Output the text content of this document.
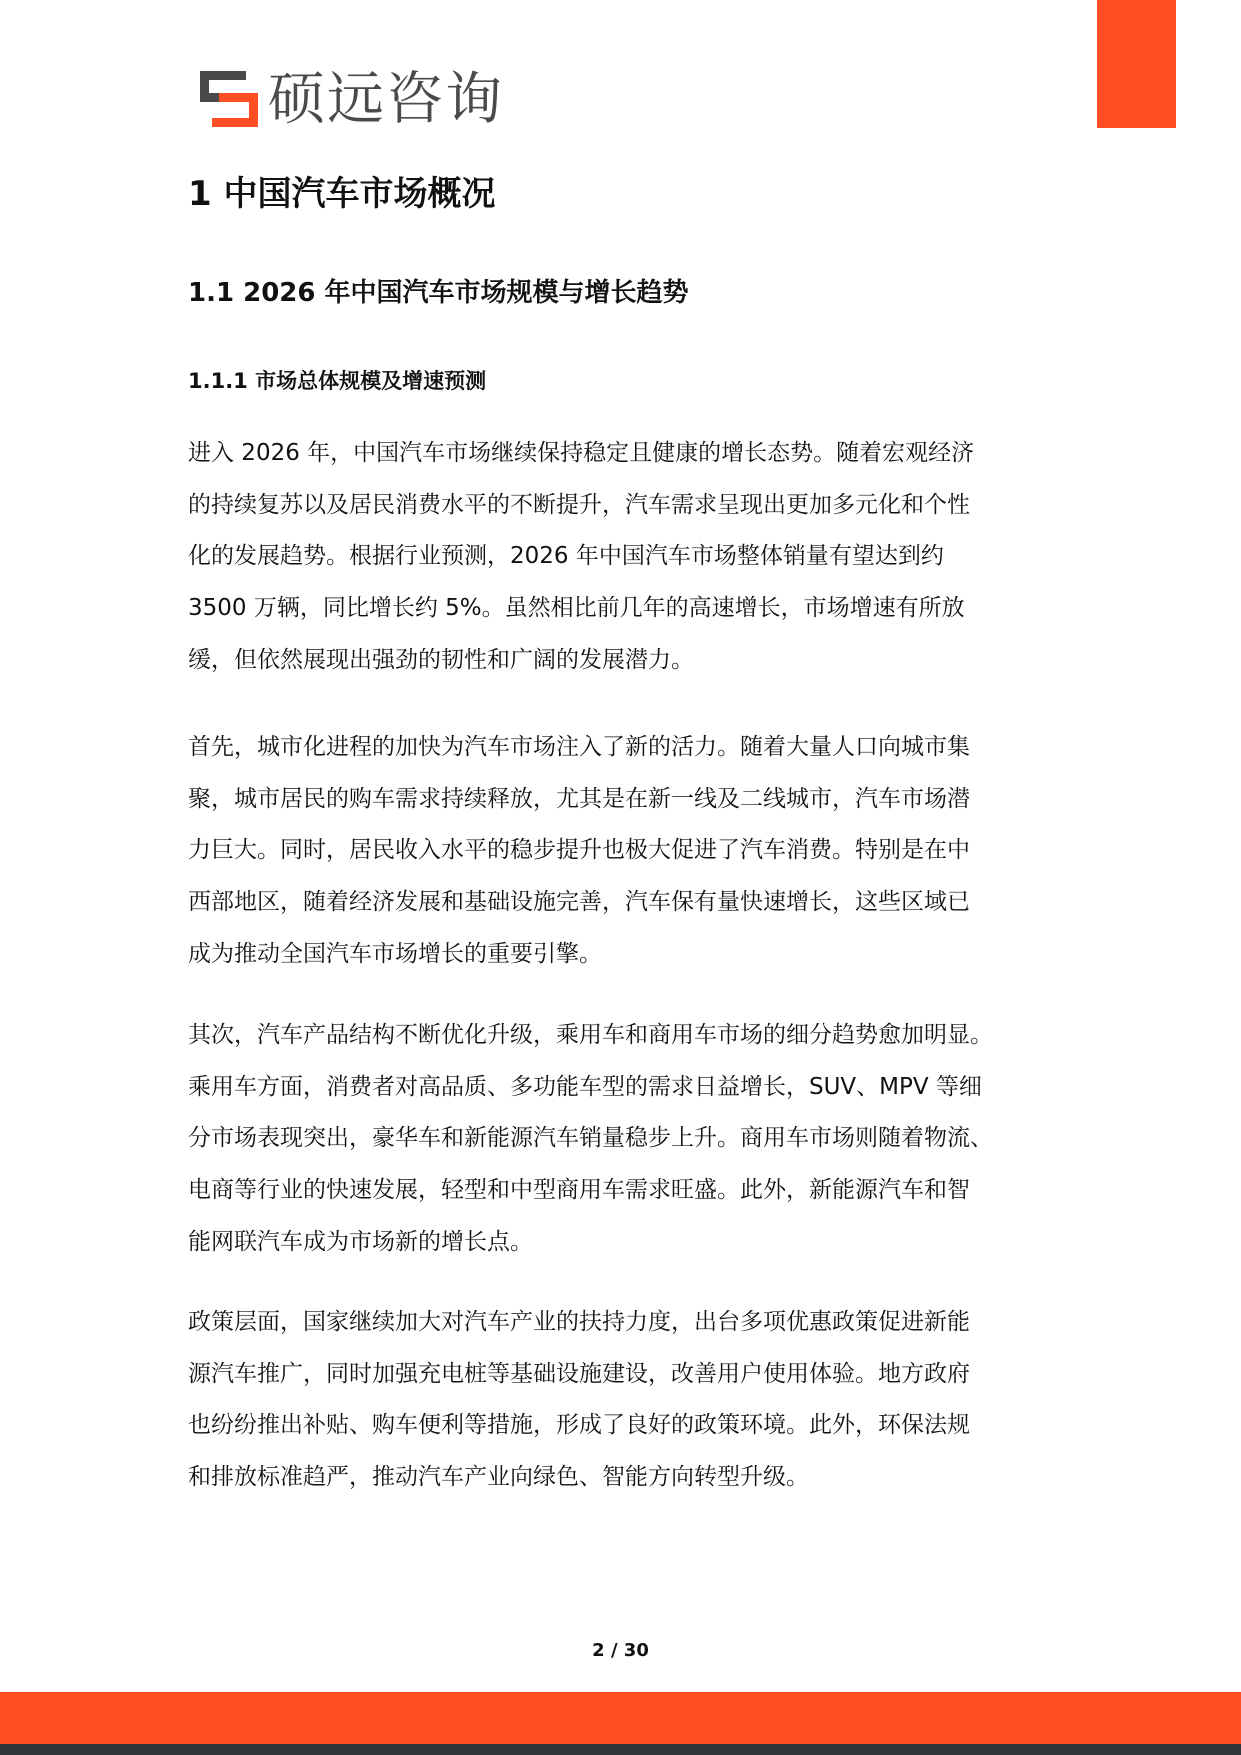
硕远咨询
1 中国汽车市场概况
1.1 2026 年中国汽车市场规模与增长趋势
1.1.1 市场总体规模及增速预测
进入 2026 年，中国汽车市场继续保持稳定且健康的增长态势。随着宏观经济
的持续复苏以及居民消费水平的不断提升，汽车需求呈现出更加多元化和个性
化的发展趋势。根据行业预测，2026 年中国汽车市场整体销量有望达到约
3500 万辆，同比增长约 5%。虽然相比前几年的高速增长，市场增速有所放
缓，但依然展现出强劲的韧性和广阔的发展潜力。
首先，城市化进程的加快为汽车市场注入了新的活力。随着大量人口向城市集
聚，城市居民的购车需求持续释放，尤其是在新一线及二线城市，汽车市场潜
力巨大。同时，居民收入水平的稳步提升也极大促进了汽车消费。特别是在中
西部地区，随着经济发展和基础设施完善，汽车保有量快速增长，这些区域已
成为推动全国汽车市场增长的重要引擎。
其次，汽车产品结构不断优化升级，乘用车和商用车市场的细分趋势愈加明显。
乘用车方面，消费者对高品质、多功能车型的需求日益增长，SUV、MPV 等细
分市场表现突出，豪华车和新能源汽车销量稳步上升。商用车市场则随着物流、
电商等行业的快速发展，轻型和中型商用车需求旺盛。此外，新能源汽车和智
能网联汽车成为市场新的增长点。
政策层面，国家继续加大对汽车产业的扶持力度，出台多项优惠政策促进新能
源汽车推广，同时加强充电桩等基础设施建设，改善用户使用体验。地方政府
也纷纷推出补贴、购车便利等措施，形成了良好的政策环境。此外，环保法规
和排放标准趋严，推动汽车产业向绿色、智能方向转型升级。
2 / 30
